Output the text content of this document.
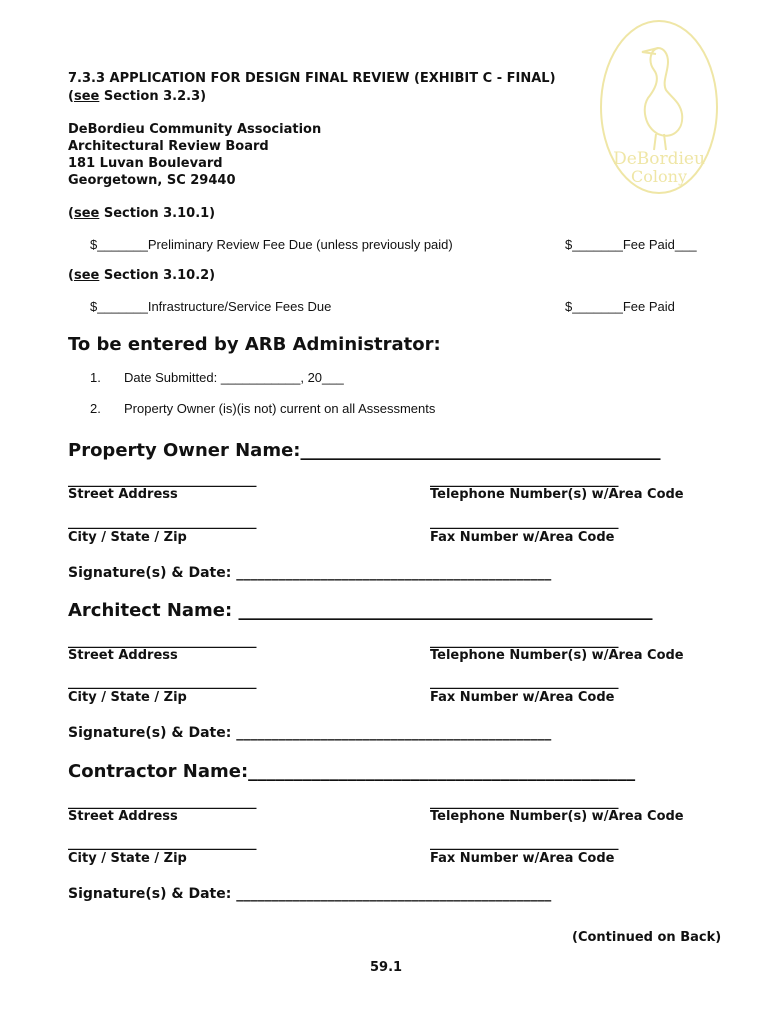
DeBordieu
Colony
7.3.3 APPLICATION FOR DESIGN FINAL REVIEW (EXHIBIT C - FINAL)
(see Section 3.2.3)
DeBordieu Community Association
Architectural Review Board
181 Luvan Boulevard
Georgetown, SC 29440
(see Section 3.10.1)
$_______Preliminary Review Fee Due (unless previously paid)	$_______Fee Paid___
(see Section 3.10.2)
$_______Infrastructure/Service Fees Due	$_______Fee Paid
To be entered by ARB Administrator:
1. Date Submitted: ___________, 20___
2. Property Owner (is)(is not) current on all Assessments
Property Owner Name:________________________________________
_____________________________
Street Address
_____________________________
Telephone Number(s) w/Area Code
_____________________________
City / State / Zip
_____________________________
Fax Number w/Area Code
Signature(s) & Date: _____________________________________________
Architect Name: ______________________________________________
_____________________________
Street Address
_____________________________
Telephone Number(s) w/Area Code
_____________________________
City / State / Zip
_____________________________
Fax Number w/Area Code
Signature(s) & Date: _____________________________________________
Contractor Name:___________________________________________
_____________________________
Street Address
_____________________________
Telephone Number(s) w/Area Code
_____________________________
City / State / Zip
_____________________________
Fax Number w/Area Code
Signature(s) & Date: _____________________________________________
(Continued on Back)
59.1
